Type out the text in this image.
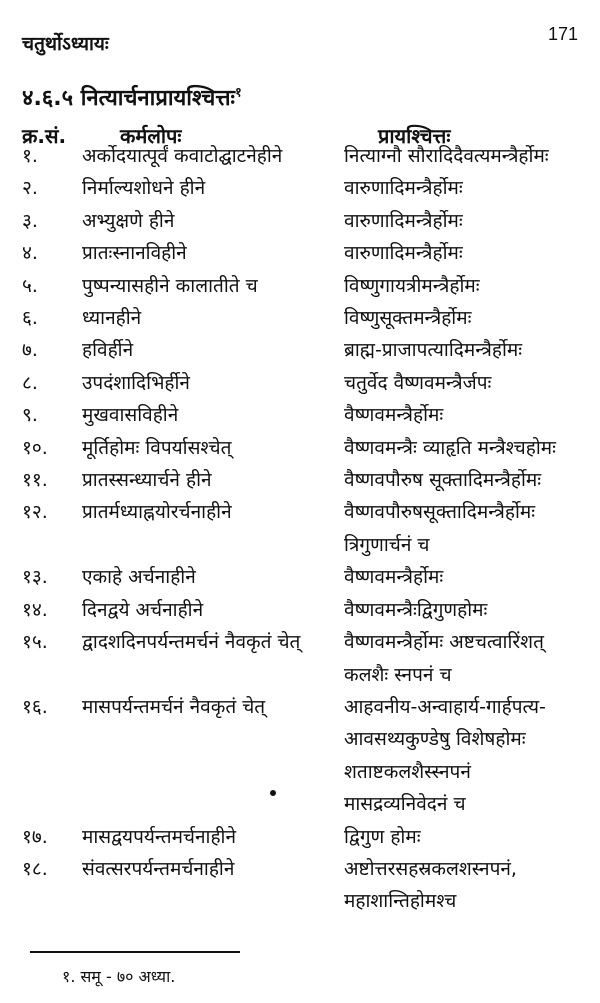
चतुर्थोऽध्यायः	171
४.६.५ नित्यार्चनाप्रायश्चित्तः$^१$
क्र.सं.	कर्मलोपः	प्रायश्चित्तः
१.	अर्कोदयात्पूर्वं कवाटोद्घाटनेहीने	नित्याग्नौ सौरादिदैवत्यमन्त्रैर्होमः
२.	निर्माल्यशोधने हीने	वारुणादिमन्त्रैर्होमः
३.	अभ्युक्षणे हीने	वारुणादिमन्त्रैर्होमः
४.	प्रातःस्नानविहीने	वारुणादिमन्त्रैर्होमः
५.	पुष्पन्यासहीने कालातीते च	विष्णुगायत्रीमन्त्रैर्होमः
६.	ध्यानहीने	विष्णुसूक्तमन्त्रैर्होमः
७.	हविर्हीने	ब्राह्म-प्राजापत्यादिमन्त्रैर्होमः
८.	उपदंशादिभिर्हीने	चतुर्वेद वैष्णवमन्त्रैर्जपः
९.	मुखवासविहीने	वैष्णवमन्त्रैर्होमः
१०.	मूर्तिहोमः विपर्यासश्चेत्	वैष्णवमन्त्रैः व्याहृति मन्त्रैश्चहोमः
११.	प्रातस्सन्ध्यार्चने हीने	वैष्णवपौरुष सूक्तादिमन्त्रैर्होमः
१२.	प्रातर्मध्याह्नयोरर्चनाहीने	वैष्णवपौरुषसूक्तादिमन्त्रैर्होमः
त्रिगुणार्चनं च
१३.	एकाहे अर्चनाहीने	वैष्णवमन्त्रैर्होमः
१४.	दिनद्वये अर्चनाहीने	वैष्णवमन्त्रैःद्विगुणहोमः
१५.	द्वादशदिनपर्यन्तमर्चनं नैवकृतं चेत्	वैष्णवमन्त्रैर्होमः अष्टचत्वारिंशत्
कलशैः स्नपनं च
१६.	मासपर्यन्तमर्चनं नैवकृतं चेत्	आहवनीय-अन्वाहार्य-गार्हपत्य-
आवसथ्यकुण्डेषु विशेषहोमः
शताष्टकलशैस्स्नपनं
मासद्रव्यनिवेदनं च
१७.	मासद्वयपर्यन्तमर्चनाहीने	द्विगुण होमः
१८.	संवत्सरपर्यन्तमर्चनाहीने	अष्टोत्तरसहस्रकलशस्नपनं,
महाशान्तिहोमश्च
१. समू - ७० अध्या.
